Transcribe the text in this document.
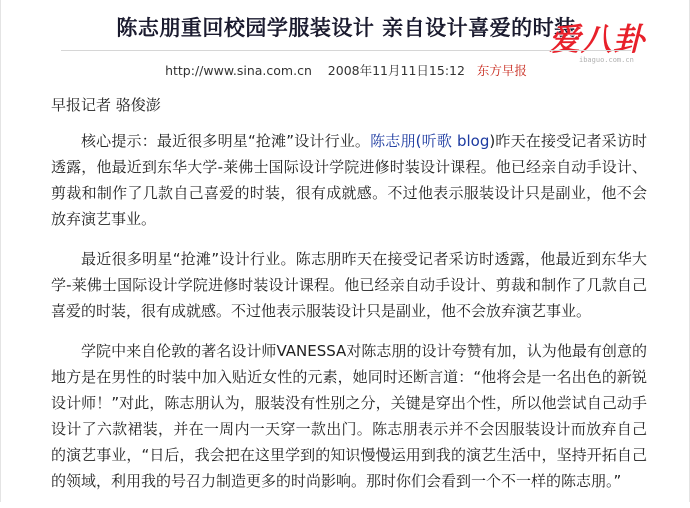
陈志朋重回校园学服装设计 亲自设计喜爱的时装
爱八卦
ibaguo.com.cn
http://www.sina.com.cn 2008年11月11日15:12 东方早报

早报记者 骆俊澎

核心提示：最近很多明星“抢滩”设计行业。陈志朋(听歌 blog)昨天在接受记者采访时透露，他最近到东华大学-莱佛士国际设计学院进修时装设计课程。他已经亲自动手设计、剪裁和制作了几款自己喜爱的时装，很有成就感。不过他表示服装设计只是副业，他不会放弃演艺事业。

最近很多明星“抢滩”设计行业。陈志朋昨天在接受记者采访时透露，他最近到东华大学-莱佛士国际设计学院进修时装设计课程。他已经亲自动手设计、剪裁和制作了几款自己喜爱的时装，很有成就感。不过他表示服装设计只是副业，他不会放弃演艺事业。

学院中来自伦敦的著名设计师VANESSA对陈志朋的设计夸赞有加，认为他最有创意的地方是在男性的时装中加入贴近女性的元素，她同时还断言道：“他将会是一名出色的新锐设计师！”对此，陈志朋认为，服装没有性别之分，关键是穿出个性，所以他尝试自己动手设计了六款裙装，并在一周内一天穿一款出门。陈志朋表示并不会因服装设计而放弃自己的演艺事业，“日后，我会把在这里学到的知识慢慢运用到我的演艺生活中，坚持开拓自己的领域，利用我的号召力制造更多的时尚影响。那时你们会看到一个不一样的陈志朋。”
